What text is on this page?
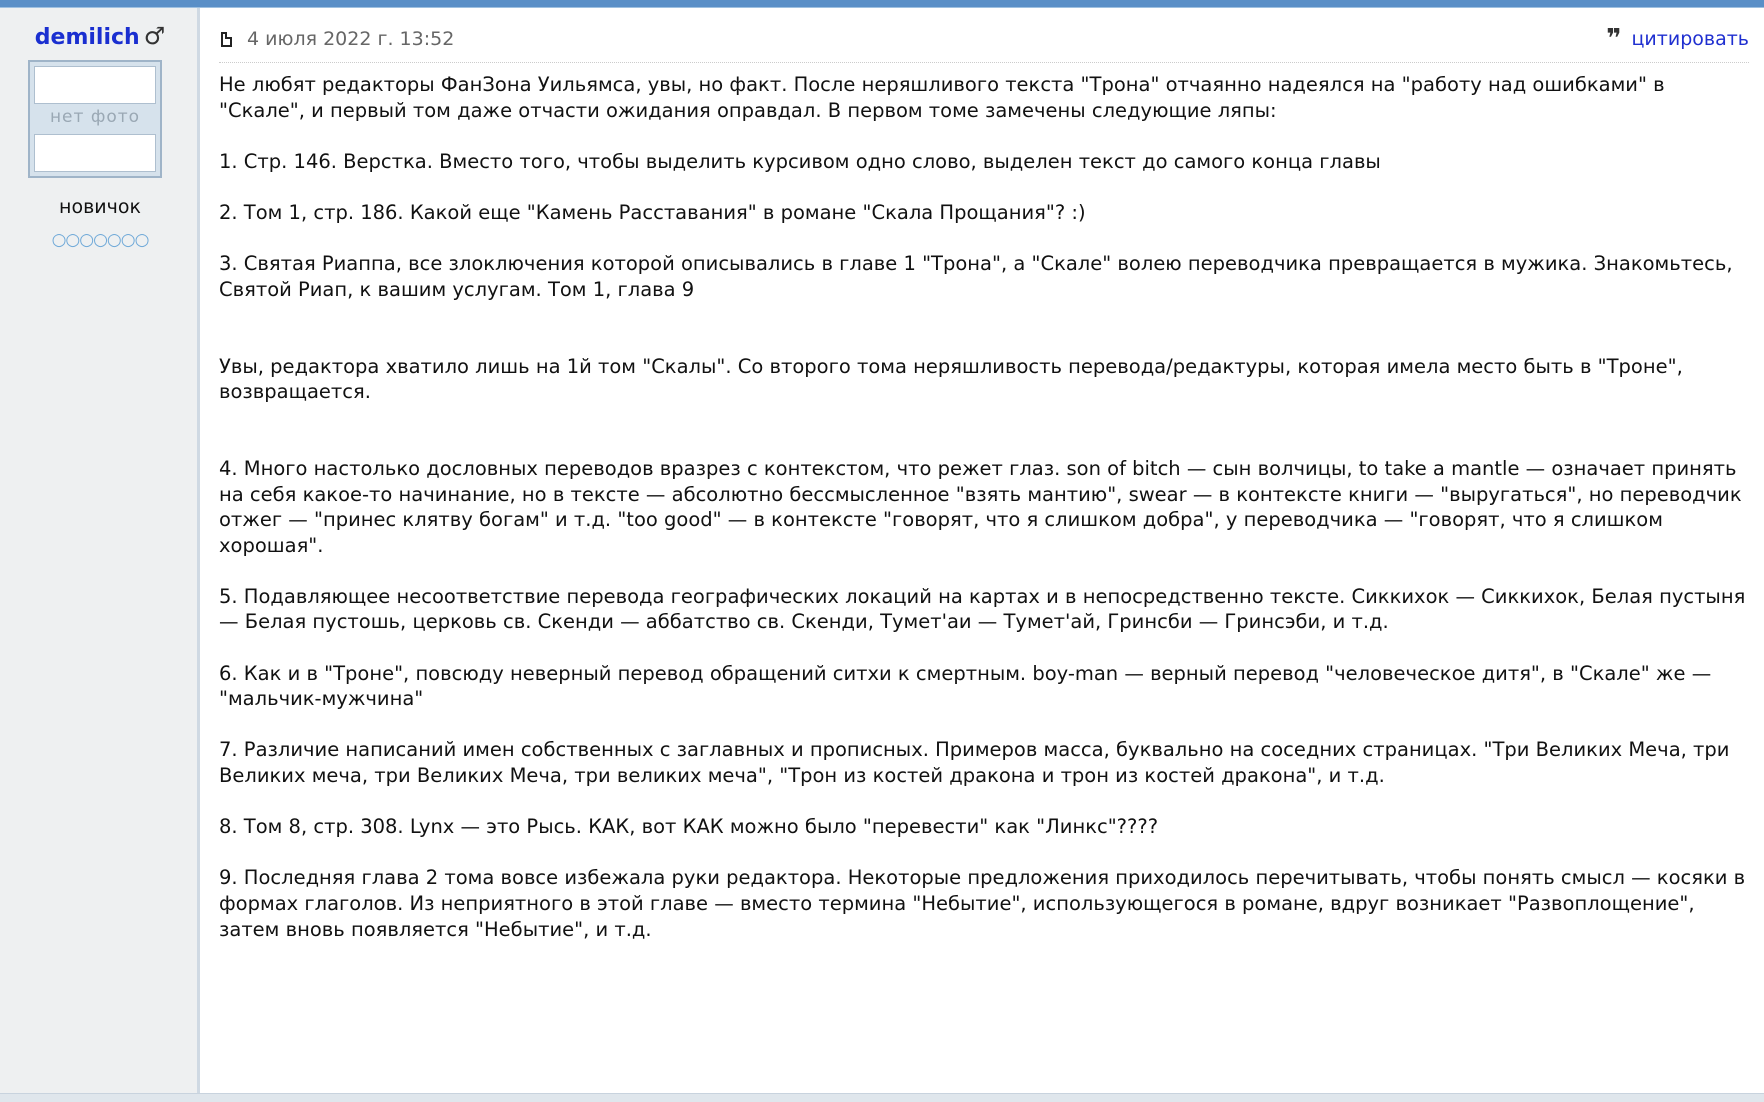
demilich ♂
нет фото
новичок
○○○○○○○
4 июля 2022 г. 13:52	❞ цитировать

Не любят редакторы ФанЗона Уильямса, увы, но факт. После неряшливого текста "Трона" отчаянно надеялся на "работу над ошибками" в "Скале", и первый том даже отчасти ожидания оправдал. В первом томе замечены следующие ляпы:

1. Стр. 146. Верстка. Вместо того, чтобы выделить курсивом одно слово, выделен текст до самого конца главы

2. Том 1, стр. 186. Какой еще "Камень Расставания" в романе "Скала Прощания"? :)

3. Святая Риаппа, все злоключения которой описывались в главе 1 "Трона", а "Скале" волею переводчика превращается в мужика. Знакомьтесь, Святой Риап, к вашим услугам. Том 1, глава 9

Увы, редактора хватило лишь на 1й том "Скалы". Со второго тома неряшливость перевода/редактуры, которая имела место быть в "Троне", возвращается.

4. Много настолько дословных переводов вразрез с контекстом, что режет глаз. son of bitch — сын волчицы, to take a mantle — означает принять на себя какое-то начинание, но в тексте — абсолютно бессмысленное "взять мантию", swear — в контексте книги — "выругаться", но переводчик отжег — "принес клятву богам" и т.д. "too good" — в контексте "говорят, что я слишком добра", у переводчика — "говорят, что я слишком хорошая".

5. Подавляющее несоответствие перевода географических локаций на картах и в непосредственно тексте. Сиккихок — Сиккихок, Белая пустыня — Белая пустошь, церковь св. Скенди — аббатство св. Скенди, Тумет'аи — Тумет'ай, Гринсби — Гринсэби, и т.д.

6. Как и в "Троне", повсюду неверный перевод обращений ситхи к смертным. boy-man — верный перевод "человеческое дитя", в "Скале" же — "мальчик-мужчина"

7. Различие написаний имен собственных с заглавных и прописных. Примеров масса, буквально на соседних страницах. "Три Великих Меча, три Великих меча, три Великих Меча, три великих меча", "Трон из костей дракона и трон из костей дракона", и т.д.

8. Том 8, стр. 308. Lynx — это Рысь. КАК, вот КАК можно было "перевести" как "Линкс"????

9. Последняя глава 2 тома вовсе избежала руки редактора. Некоторые предложения приходилось перечитывать, чтобы понять смысл — косяки в формах глаголов. Из неприятного в этой главе — вместо термина "Небытие", использующегося в романе, вдруг возникает "Развоплощение", затем вновь появляется "Небытие", и т.д.
